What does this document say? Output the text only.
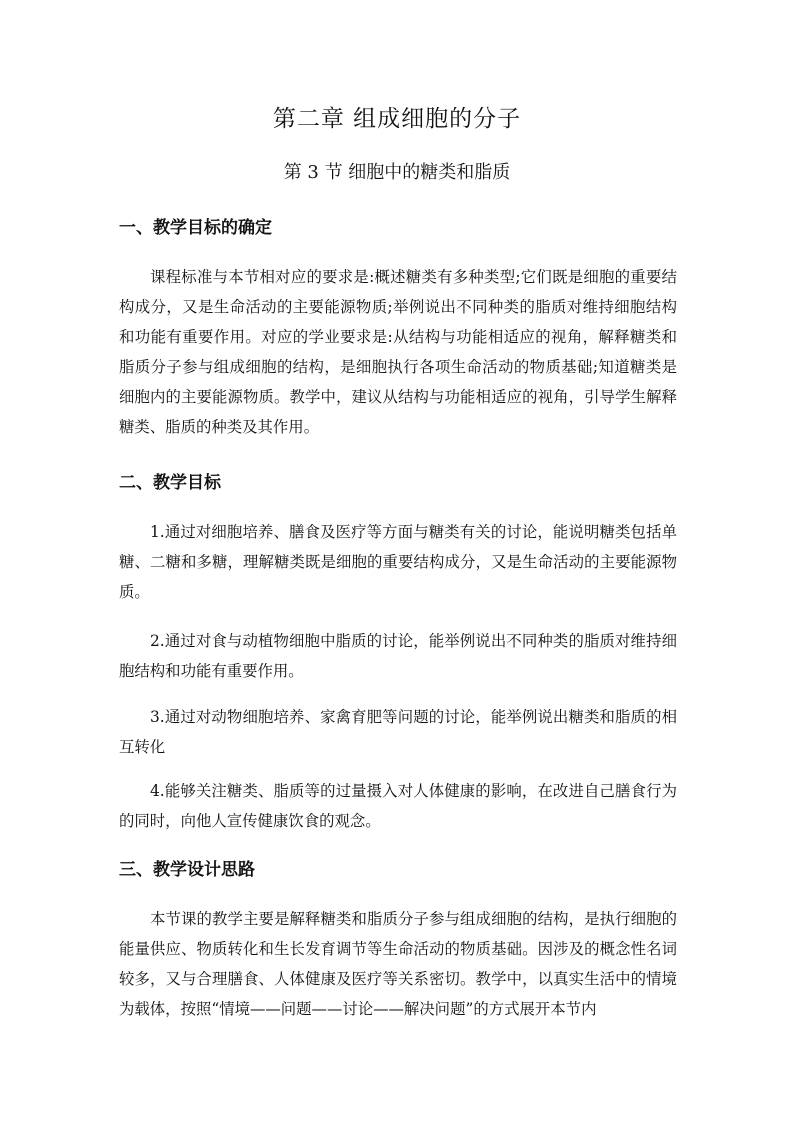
第二章 组成细胞的分子
第 3 节 细胞中的糖类和脂质
一、教学目标的确定
课程标准与本节相对应的要求是:概述糖类有多种类型;它们既是细胞的重要结构成分，又是生命活动的主要能源物质;举例说出不同种类的脂质对维持细胞结构和功能有重要作用。对应的学业要求是:从结构与功能相适应的视角，解释糖类和脂质分子参与组成细胞的结构，是细胞执行各项生命活动的物质基础;知道糖类是细胞内的主要能源物质。教学中，建议从结构与功能相适应的视角，引导学生解释糖类、脂质的种类及其作用。
二、教学目标
1.通过对细胞培养、膳食及医疗等方面与糖类有关的讨论，能说明糖类包括单糖、二糖和多糖，理解糖类既是细胞的重要结构成分，又是生命活动的主要能源物质。
2.通过对食与动植物细胞中脂质的讨论，能举例说出不同种类的脂质对维持细胞结构和功能有重要作用。
3.通过对动物细胞培养、家禽育肥等问题的讨论，能举例说出糖类和脂质的相互转化
4.能够关注糖类、脂质等的过量摄入对人体健康的影响，在改进自己膳食行为的同时，向他人宣传健康饮食的观念。
三、教学设计思路
本节课的教学主要是解释糖类和脂质分子参与组成细胞的结构，是执行细胞的能量供应、物质转化和生长发育调节等生命活动的物质基础。因涉及的概念性名词较多，又与合理膳食、人体健康及医疗等关系密切。教学中，以真实生活中的情境为载体，按照“情境——问题——讨论——解决问题”的方式展开本节内
